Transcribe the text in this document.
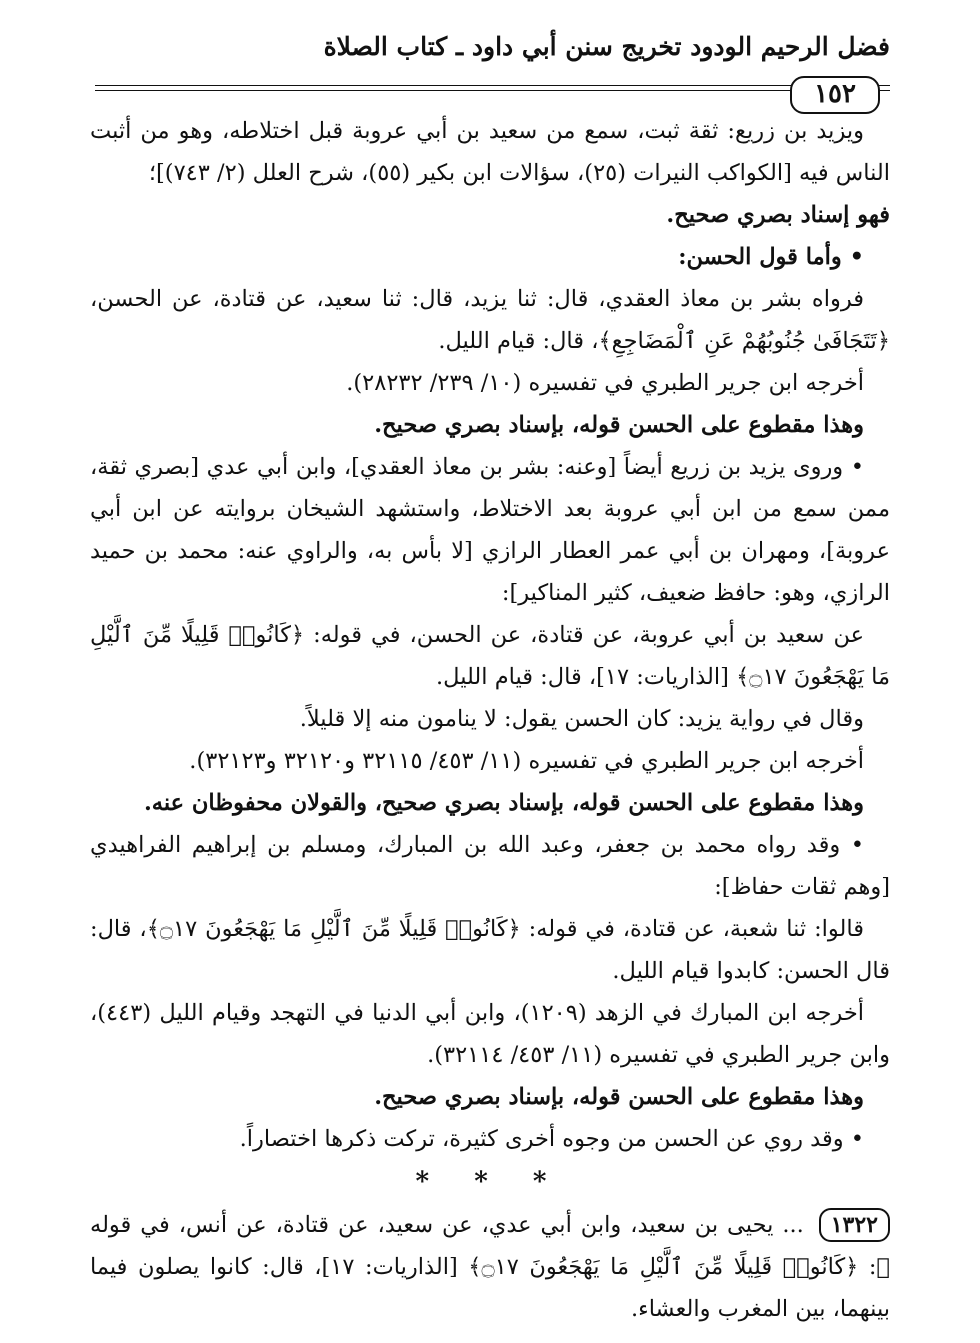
فضل الرحيم الودود تخريج سنن أبي داود ـ كتاب الصلاة
١٥٢

ويزيد بن زريع: ثقة ثبت، سمع من سعيد بن أبي عروبة قبل اختلاطه، وهو من أثبت الناس فيه [الكواكب النيرات (٢٥)، سؤالات ابن بكير (٥٥)، شرح العلل (٢/ ٧٤٣)]؛

فهو إسناد بصري صحيح.

• وأما قول الحسن:

فرواه بشر بن معاذ العقدي، قال: ثنا يزيد، قال: ثنا سعيد، عن قتادة، عن الحسن، ﴿تَتَجَافَىٰ جُنُوبُهُمْ عَنِ ٱلْمَضَاجِعِ﴾، قال: قيام الليل.

أخرجه ابن جرير الطبري في تفسيره (١٠/ ٢٣٩/ ٢٨٢٣٢).

وهذا مقطوع على الحسن قوله، بإسناد بصري صحيح.

• وروى يزيد بن زريع أيضاً [وعنه: بشر بن معاذ العقدي]، وابن أبي عدي [بصري ثقة، ممن سمع من ابن أبي عروبة بعد الاختلاط، واستشهد الشيخان بروايته عن ابن أبي عروبة]، ومهران بن أبي عمر العطار الرازي [لا بأس به، والراوي عنه: محمد بن حميد الرازي، وهو: حافظ ضعيف، كثير المناكير]:

عن سعيد بن أبي عروبة، عن قتادة، عن الحسن، في قوله: ﴿كَانُوا۟ قَلِيلًا مِّنَ ٱلَّيْلِ مَا يَهْجَعُونَ ۝١٧﴾ [الذاريات: ١٧]، قال: قيام الليل.

وقال في رواية يزيد: كان الحسن يقول: لا ينامون منه إلا قليلاً.

أخرجه ابن جرير الطبري في تفسيره (١١/ ٤٥٣/ ٣٢١١٥ و٣٢١٢٠ و٣٢١٢٣).

وهذا مقطوع على الحسن قوله، بإسناد بصري صحيح، والقولان محفوظان عنه.

• وقد رواه محمد بن جعفر، وعبد الله بن المبارك، ومسلم بن إبراهيم الفراهيدي [وهم ثقات حفاظ]:

قالوا: ثنا شعبة، عن قتادة، في قوله: ﴿كَانُوا۟ قَلِيلًا مِّنَ ٱلَّيْلِ مَا يَهْجَعُونَ ۝١٧﴾، قال: قال الحسن: كابدوا قيام الليل.

أخرجه ابن المبارك في الزهد (١٢٠٩)، وابن أبي الدنيا في التهجد وقيام الليل (٤٤٣)، وابن جرير الطبري في تفسيره (١١/ ٤٥٣/ ٣٢١١٤).

وهذا مقطوع على الحسن قوله، بإسناد بصري صحيح.

• وقد روي عن الحسن من وجوه أخرى كثيرة، تركت ذكرها اختصاراً.

* * *

١٣٢٢ ... يحيى بن سعيد، وابن أبي عدي، عن سعيد، عن قتادة، عن أنس، في قوله ﷻ: ﴿كَانُوا۟ قَلِيلًا مِّنَ ٱلَّيْلِ مَا يَهْجَعُونَ ۝١٧﴾ [الذاريات: ١٧]، قال: كانوا يصلون فيما بينهما، بين المغرب والعشاء.
